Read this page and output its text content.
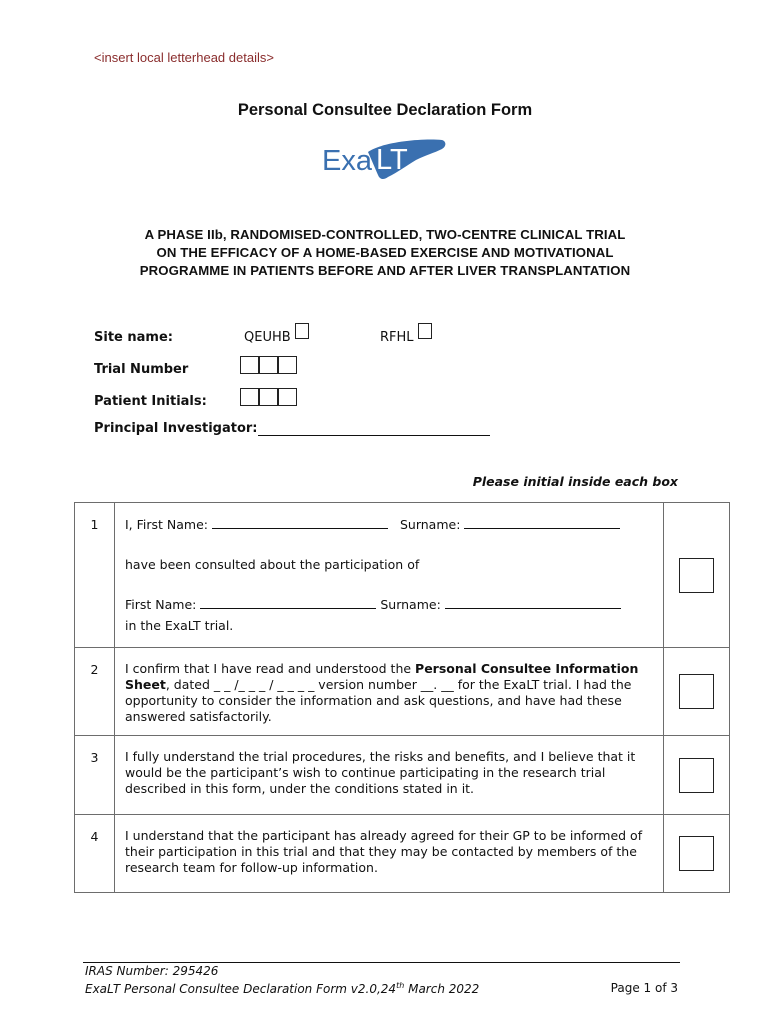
<insert local letterhead details>
Personal Consultee Declaration Form
Exa LT
A PHASE IIb, RANDOMISED-CONTROLLED, TWO-CENTRE CLINICAL TRIAL
ON THE EFFICACY OF A HOME-BASED EXERCISE AND MOTIVATIONAL
PROGRAMME IN PATIENTS BEFORE AND AFTER LIVER TRANSPLANTATION
Site name:	QEUHB	RFHL
Trial Number
Patient Initials:
Principal Investigator:
Please initial inside each box
1	I, First Name: Surname:
have been consulted about the participation of
First Name: Surname:
in the ExaLT trial.	

2	I confirm that I have read and understood the Personal Consultee Information Sheet, dated _ _ /_ _ _ / _ _ _ _ version number __. __ for the ExaLT trial. I had the opportunity to consider the information and ask questions, and have had these answered satisfactorily.	

3	I fully understand the trial procedures, the risks and benefits, and I believe that it would be the participant’s wish to continue participating in the research trial described in this form, under the conditions stated in it.	

4	I understand that the participant has already agreed for their GP to be informed of their participation in this trial and that they may be contacted by members of the research team for follow-up information.	
IRAS Number: 295426
ExaLT Personal Consultee Declaration Form v2.0,24th March 2022	Page 1 of 3
